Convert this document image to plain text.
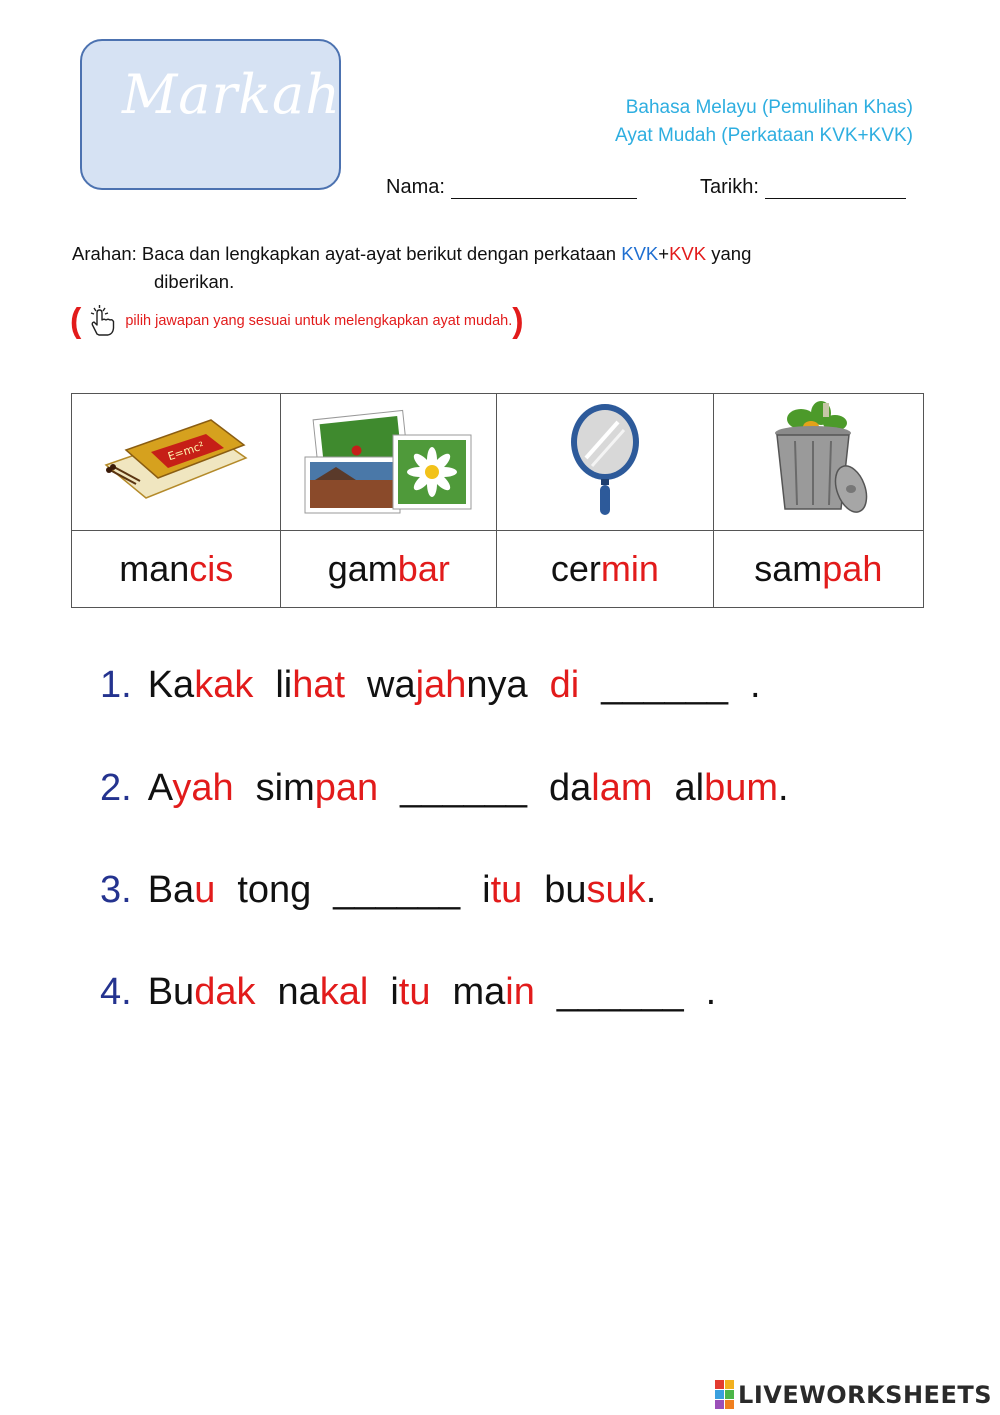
Markah	Bahasa Melayu (Pemulihan Khas)
Ayat Mudah (Perkataan KVK+KVK)
Nama:	Tarikh:
Arahan: Baca dan lengkapkan ayat-ayat berikut dengan perkataan KVK+KVK yang
diberikan.
(	pilih jawapan yang sesuai untuk melengkapkan ayat mudah. )
E=mc²

mancis	gambar	cermin	sampah
1. Kakak lihat wajahnya di ______ .
2. Ayah simpan ______ dalam album.
3. Bau tong ______ itu busuk.
4. Budak nakal itu main ______ .
LIVEWORKSHEETS
